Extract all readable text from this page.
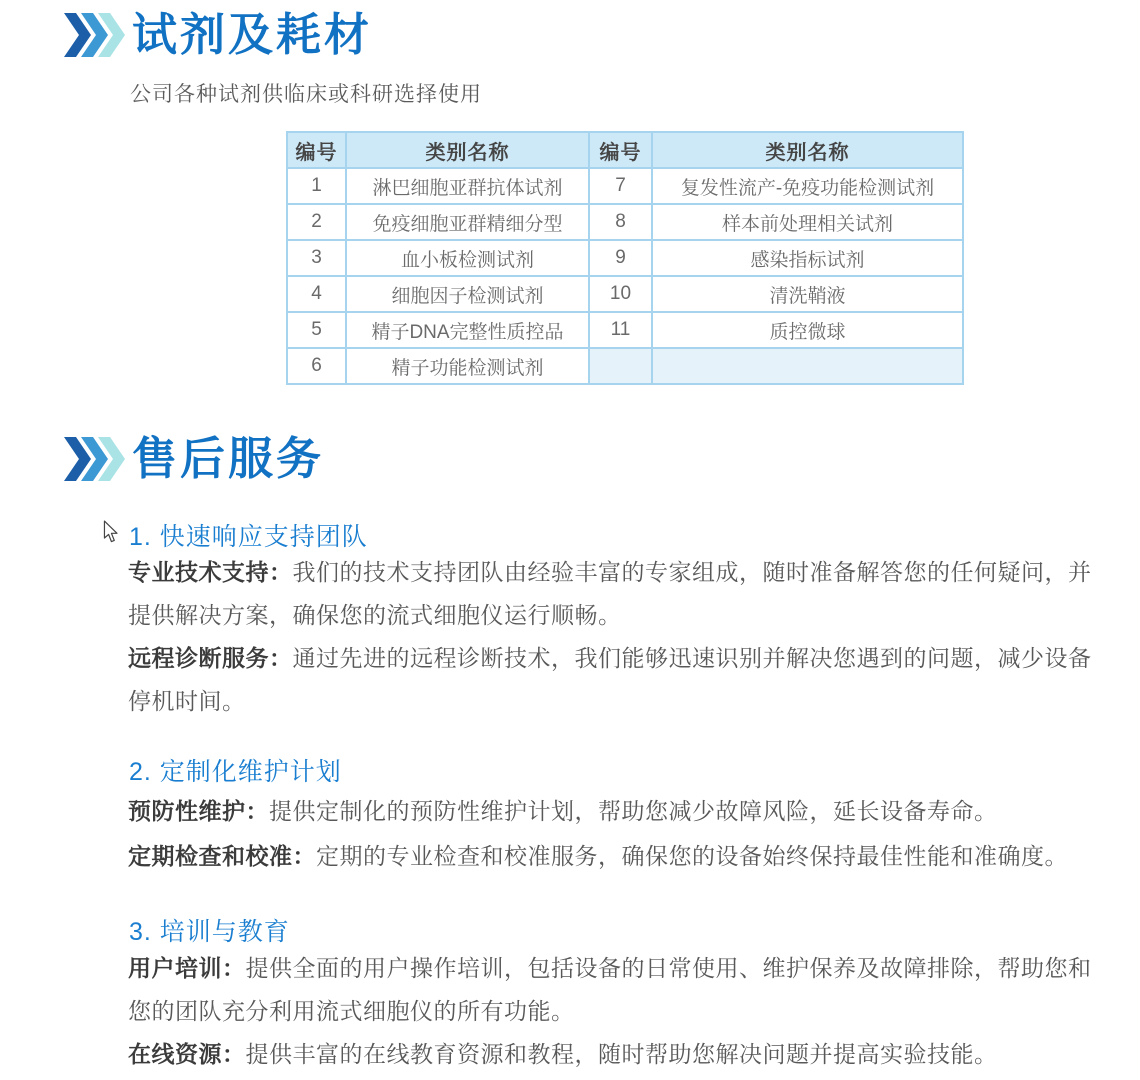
试剂及耗材
公司各种试剂供临床或科研选择使用
编号	类别名称	编号	类别名称
1	淋巴细胞亚群抗体试剂	7	复发性流产-免疫功能检测试剂
2	免疫细胞亚群精细分型	8	样本前处理相关试剂
3	血小板检测试剂	9	感染指标试剂
4	细胞因子检测试剂	10	清洗鞘液
5	精子DNA完整性质控品	11	质控微球
6	精子功能检测试剂		
售后服务
1. 快速响应支持团队

专业技术支持：我们的技术支持团队由经验丰富的专家组成，随时准备解答您的任何疑问，并提供解决方案，确保您的流式细胞仪运行顺畅。

远程诊断服务：通过先进的远程诊断技术，我们能够迅速识别并解决您遇到的问题，减少设备停机时间。

2. 定制化维护计划

预防性维护：提供定制化的预防性维护计划，帮助您减少故障风险，延长设备寿命。

定期检查和校准：定期的专业检查和校准服务，确保您的设备始终保持最佳性能和准确度。

3. 培训与教育

用户培训：提供全面的用户操作培训，包括设备的日常使用、维护保养及故障排除，帮助您和您的团队充分利用流式细胞仪的所有功能。

在线资源：提供丰富的在线教育资源和教程，随时帮助您解决问题并提高实验技能。
